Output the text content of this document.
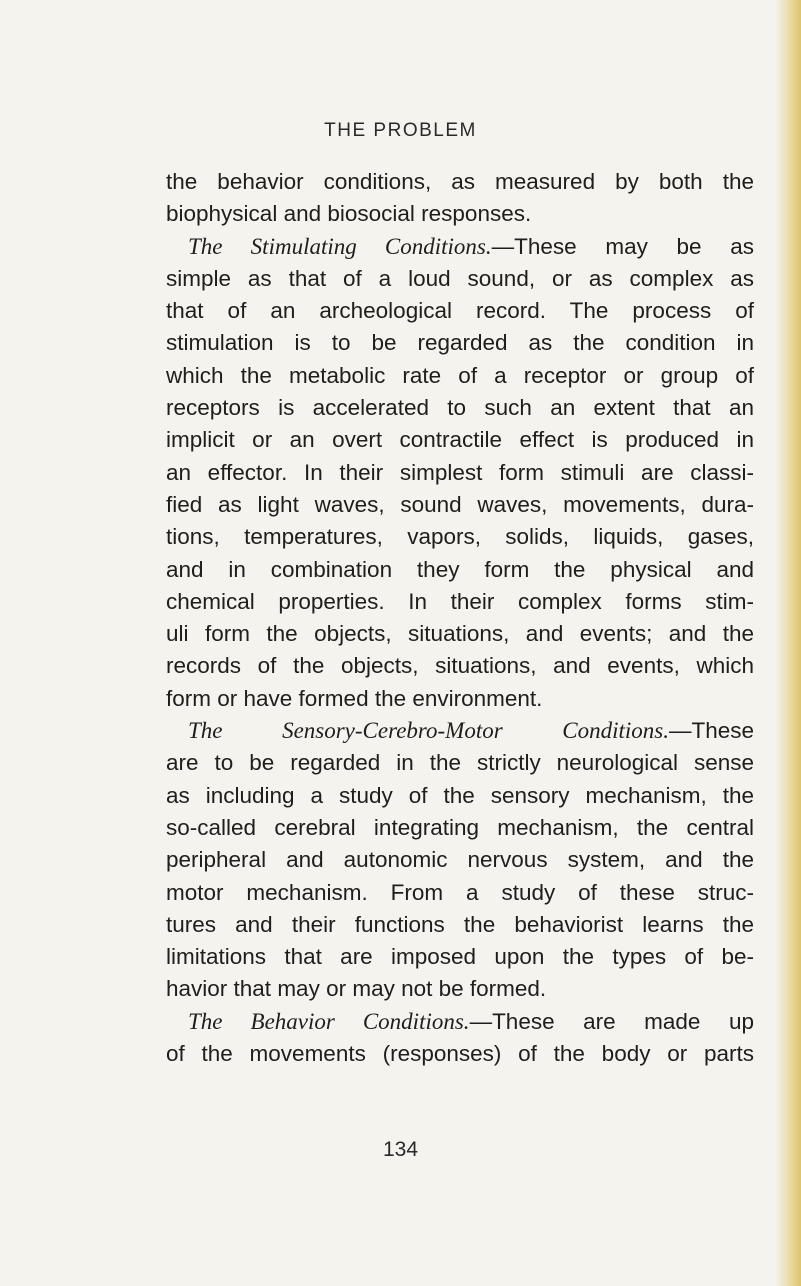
THE PROBLEM
the behavior conditions, as measured by both the
biophysical and biosocial responses.
The Stimulating Conditions.—These may be as
simple as that of a loud sound, or as complex as
that of an archeological record. The process of
stimulation is to be regarded as the condition in
which the metabolic rate of a receptor or group of
receptors is accelerated to such an extent that an
implicit or an overt contractile effect is produced in
an effector. In their simplest form stimuli are classi-
fied as light waves, sound waves, movements, dura-
tions, temperatures, vapors, solids, liquids, gases,
and in combination they form the physical and
chemical properties. In their complex forms stim-
uli form the objects, situations, and events; and the
records of the objects, situations, and events, which
form or have formed the environment.
The Sensory-Cerebro-Motor Conditions.—These
are to be regarded in the strictly neurological sense
as including a study of the sensory mechanism, the
so-called cerebral integrating mechanism, the central
peripheral and autonomic nervous system, and the
motor mechanism. From a study of these struc-
tures and their functions the behaviorist learns the
limitations that are imposed upon the types of be-
havior that may or may not be formed.
The Behavior Conditions.—These are made up
of the movements (responses) of the body or parts
134
